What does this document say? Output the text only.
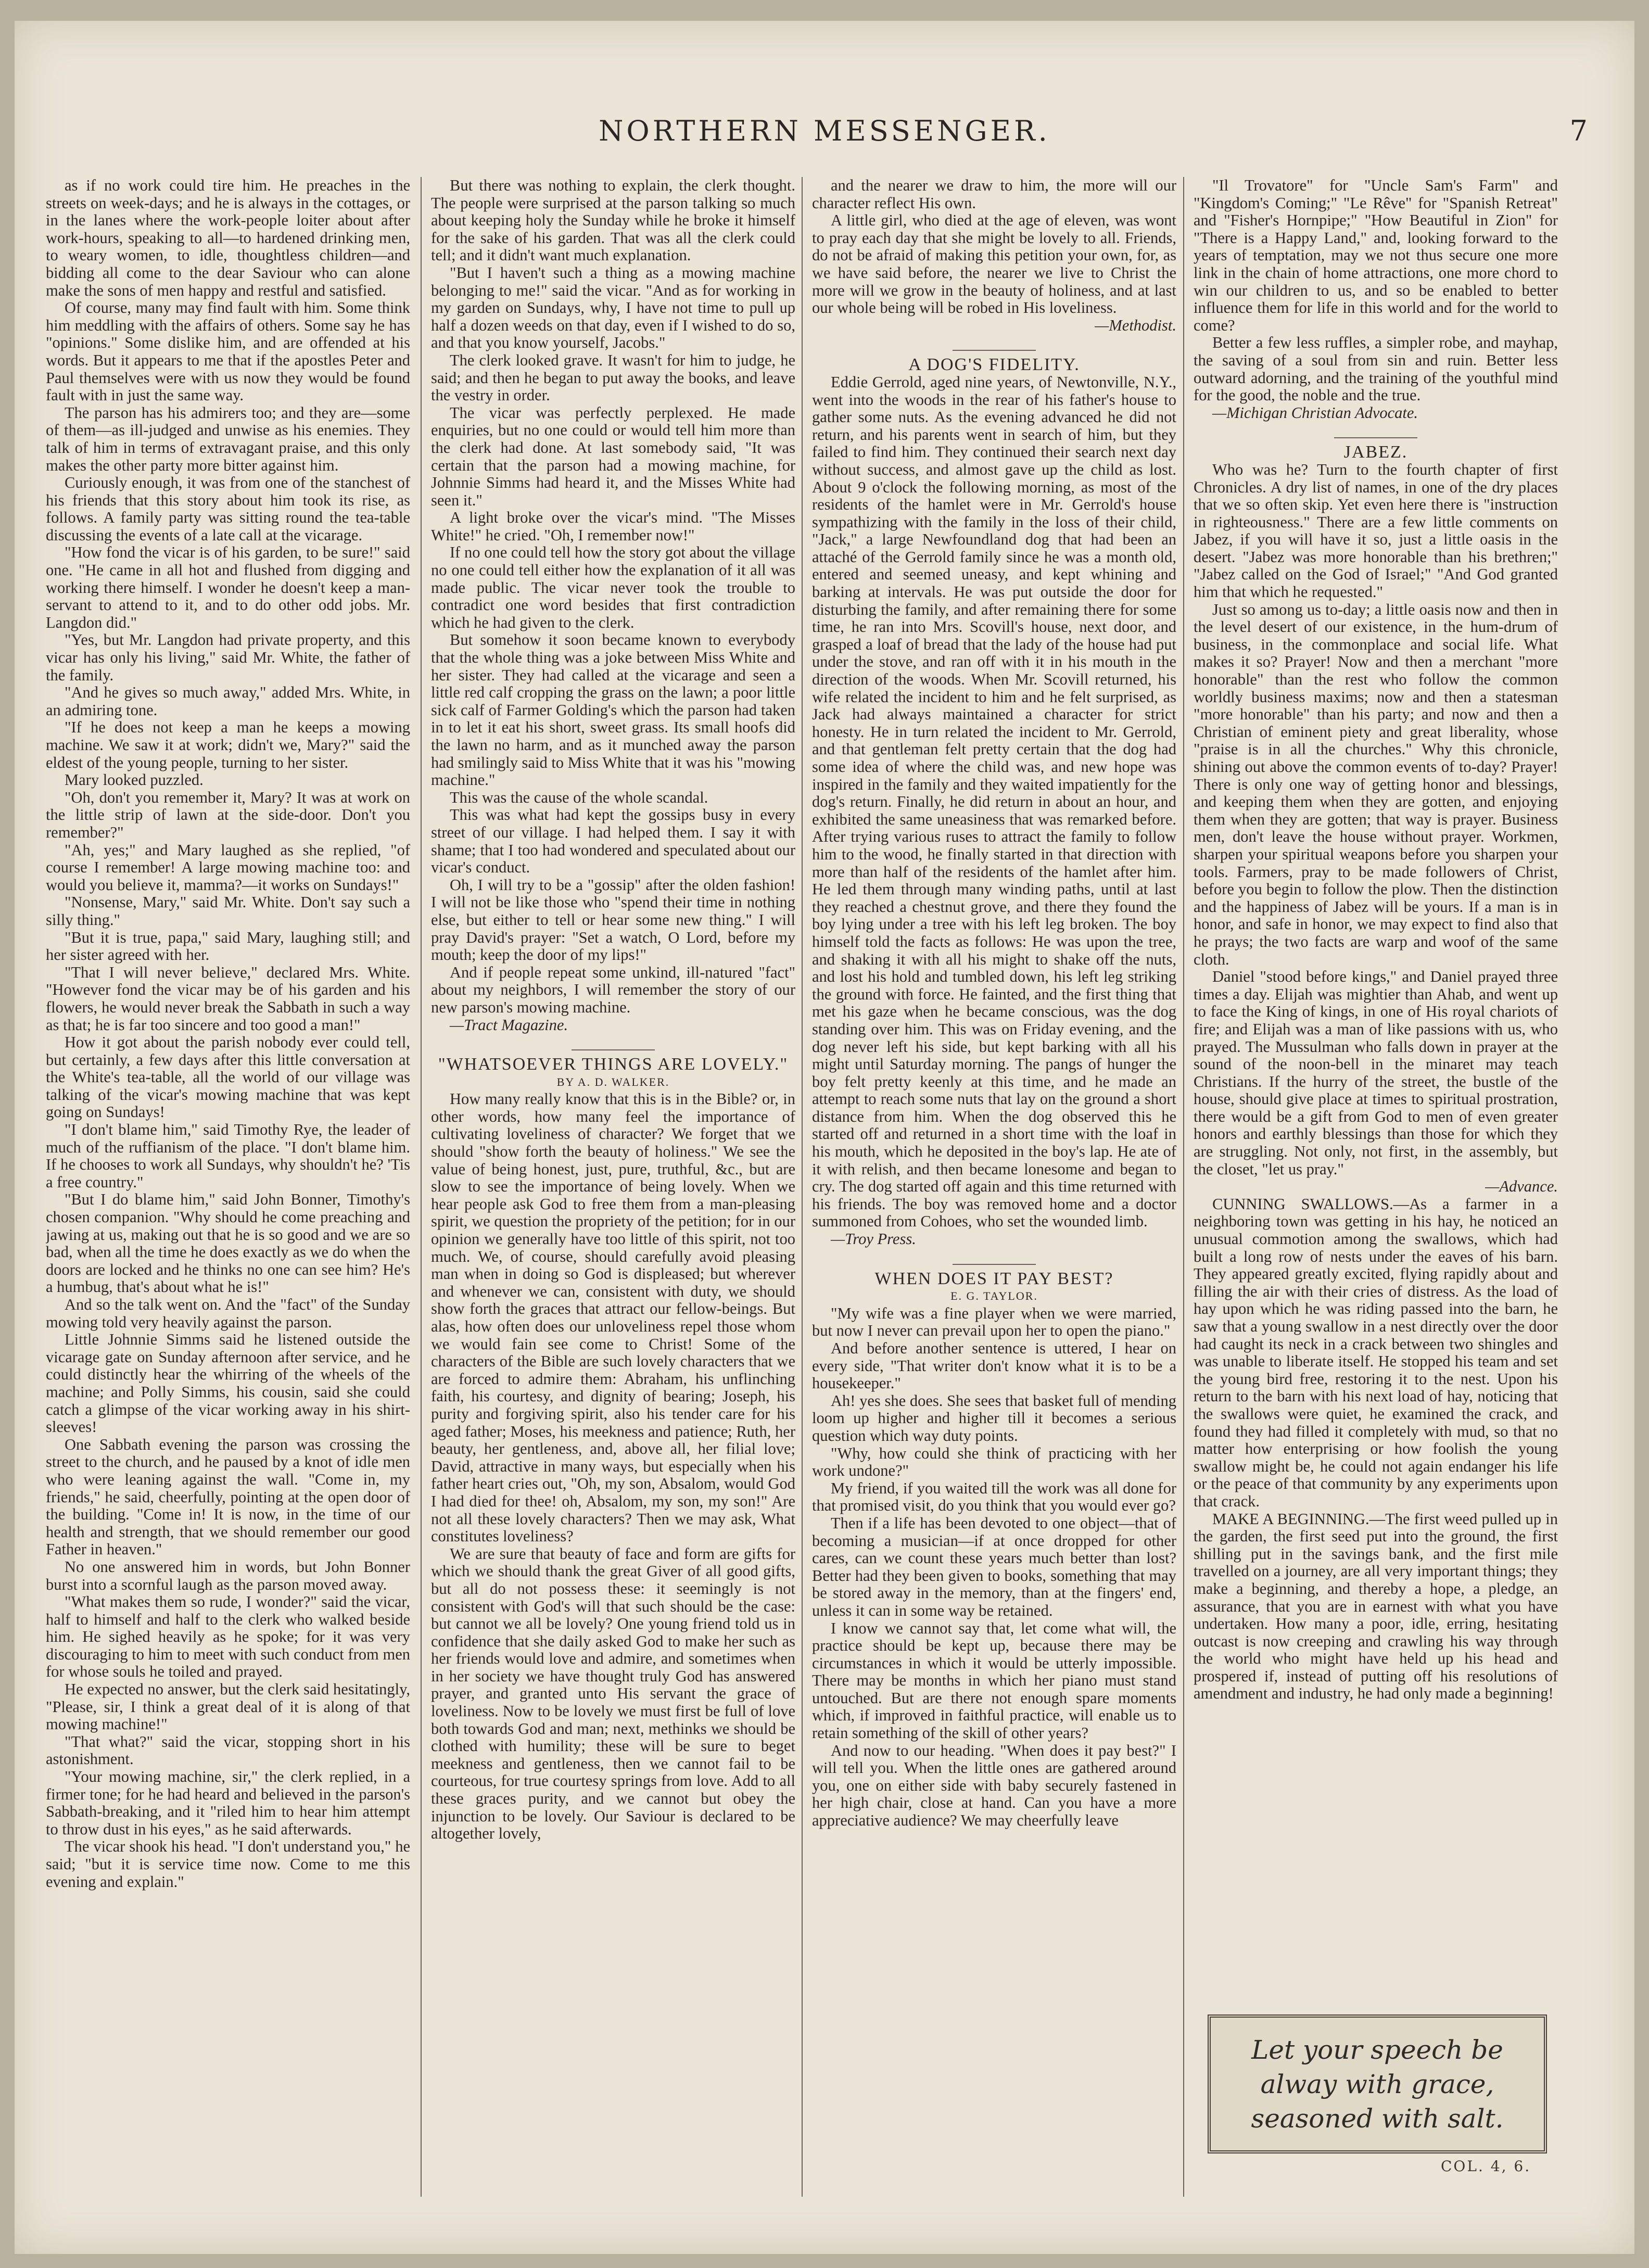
NORTHERN MESSENGER.	7

as if no work could tire him. He preaches in the streets on week-days; and he is always in the cottages, or in the lanes where the work-people loiter about after work-hours, speaking to all—to hardened drinking men, to weary women, to idle, thoughtless children—and bidding all come to the dear Saviour who can alone make the sons of men happy and restful and satisfied.

Of course, many may find fault with him. Some think him meddling with the affairs of others. Some say he has "opinions." Some dislike him, and are offended at his words. But it appears to me that if the apostles Peter and Paul themselves were with us now they would be found fault with in just the same way.

The parson has his admirers too; and they are—some of them—as ill-judged and unwise as his enemies. They talk of him in terms of extravagant praise, and this only makes the other party more bitter against him.

Curiously enough, it was from one of the stanchest of his friends that this story about him took its rise, as follows. A family party was sitting round the tea-table discussing the events of a late call at the vicarage.

"How fond the vicar is of his garden, to be sure!" said one. "He came in all hot and flushed from digging and working there himself. I wonder he doesn't keep a man-servant to attend to it, and to do other odd jobs. Mr. Langdon did."

"Yes, but Mr. Langdon had private property, and this vicar has only his living," said Mr. White, the father of the family.

"And he gives so much away," added Mrs. White, in an admiring tone.

"If he does not keep a man he keeps a mowing machine. We saw it at work; didn't we, Mary?" said the eldest of the young people, turning to her sister.

Mary looked puzzled.

"Oh, don't you remember it, Mary? It was at work on the little strip of lawn at the side-door. Don't you remember?"

"Ah, yes;" and Mary laughed as she replied, "of course I remember! A large mowing machine too: and would you believe it, mamma?—it works on Sundays!"

"Nonsense, Mary," said Mr. White. Don't say such a silly thing."

"But it is true, papa," said Mary, laughing still; and her sister agreed with her.

"That I will never believe," declared Mrs. White. "However fond the vicar may be of his garden and his flowers, he would never break the Sabbath in such a way as that; he is far too sincere and too good a man!"

How it got about the parish nobody ever could tell, but certainly, a few days after this little conversation at the White's tea-table, all the world of our village was talking of the vicar's mowing machine that was kept going on Sundays!

"I don't blame him," said Timothy Rye, the leader of much of the ruffianism of the place. "I don't blame him. If he chooses to work all Sundays, why shouldn't he? 'Tis a free country."

"But I do blame him," said John Bonner, Timothy's chosen companion. "Why should he come preaching and jawing at us, making out that he is so good and we are so bad, when all the time he does exactly as we do when the doors are locked and he thinks no one can see him? He's a humbug, that's about what he is!"

And so the talk went on. And the "fact" of the Sunday mowing told very heavily against the parson.

Little Johnnie Simms said he listened outside the vicarage gate on Sunday afternoon after service, and he could distinctly hear the whirring of the wheels of the machine; and Polly Simms, his cousin, said she could catch a glimpse of the vicar working away in his shirt-sleeves!

One Sabbath evening the parson was crossing the street to the church, and he paused by a knot of idle men who were leaning against the wall. "Come in, my friends," he said, cheerfully, pointing at the open door of the building. "Come in! It is now, in the time of our health and strength, that we should remember our good Father in heaven."

No one answered him in words, but John Bonner burst into a scornful laugh as the parson moved away.

"What makes them so rude, I wonder?" said the vicar, half to himself and half to the clerk who walked beside him. He sighed heavily as he spoke; for it was very discouraging to him to meet with such conduct from men for whose souls he toiled and prayed.

He expected no answer, but the clerk said hesitatingly, "Please, sir, I think a great deal of it is along of that mowing machine!"

"That what?" said the vicar, stopping short in his astonishment.

"Your mowing machine, sir," the clerk replied, in a firmer tone; for he had heard and believed in the parson's Sabbath-breaking, and it "riled him to hear him attempt to throw dust in his eyes," as he said afterwards.

The vicar shook his head. "I don't understand you," he said; "but it is service time now. Come to me this evening and explain."

But there was nothing to explain, the clerk thought. The people were surprised at the parson talking so much about keeping holy the Sunday while he broke it himself for the sake of his garden. That was all the clerk could tell; and it didn't want much explanation.

"But I haven't such a thing as a mowing machine belonging to me!" said the vicar. "And as for working in my garden on Sundays, why, I have not time to pull up half a dozen weeds on that day, even if I wished to do so, and that you know yourself, Jacobs."

The clerk looked grave. It wasn't for him to judge, he said; and then he began to put away the books, and leave the vestry in order.

The vicar was perfectly perplexed. He made enquiries, but no one could or would tell him more than the clerk had done. At last somebody said, "It was certain that the parson had a mowing machine, for Johnnie Simms had heard it, and the Misses White had seen it."

A light broke over the vicar's mind. "The Misses White!" he cried. "Oh, I remember now!"

If no one could tell how the story got about the village no one could tell either how the explanation of it all was made public. The vicar never took the trouble to contradict one word besides that first contradiction which he had given to the clerk.

But somehow it soon became known to everybody that the whole thing was a joke between Miss White and her sister. They had called at the vicarage and seen a little red calf cropping the grass on the lawn; a poor little sick calf of Farmer Golding's which the parson had taken in to let it eat his short, sweet grass. Its small hoofs did the lawn no harm, and as it munched away the parson had smilingly said to Miss White that it was his "mowing machine."

This was the cause of the whole scandal.

This was what had kept the gossips busy in every street of our village. I had helped them. I say it with shame; that I too had wondered and speculated about our vicar's conduct.

Oh, I will try to be a "gossip" after the olden fashion! I will not be like those who "spend their time in nothing else, but either to tell or hear some new thing." I will pray David's prayer: "Set a watch, O Lord, before my mouth; keep the door of my lips!"

And if people repeat some unkind, ill-natured "fact" about my neighbors, I will remember the story of our new parson's mowing machine.

—Tract Magazine.

"WHATSOEVER THINGS ARE LOVELY."

BY A. D. WALKER.

How many really know that this is in the Bible? or, in other words, how many feel the importance of cultivating loveliness of character? We forget that we should "show forth the beauty of holiness." We see the value of being honest, just, pure, truthful, &c., but are slow to see the importance of being lovely. When we hear people ask God to free them from a man-pleasing spirit, we question the propriety of the petition; for in our opinion we generally have too little of this spirit, not too much. We, of course, should carefully avoid pleasing man when in doing so God is displeased; but wherever and whenever we can, consistent with duty, we should show forth the graces that attract our fellow-beings. But alas, how often does our unloveliness repel those whom we would fain see come to Christ! Some of the characters of the Bible are such lovely characters that we are forced to admire them: Abraham, his unflinching faith, his courtesy, and dignity of bearing; Joseph, his purity and forgiving spirit, also his tender care for his aged father; Moses, his meekness and patience; Ruth, her beauty, her gentleness, and, above all, her filial love; David, attractive in many ways, but especially when his father heart cries out, "Oh, my son, Absalom, would God I had died for thee! oh, Absalom, my son, my son!" Are not all these lovely characters? Then we may ask, What constitutes loveliness?

We are sure that beauty of face and form are gifts for which we should thank the great Giver of all good gifts, but all do not possess these: it seemingly is not consistent with God's will that such should be the case: but cannot we all be lovely? One young friend told us in confidence that she daily asked God to make her such as her friends would love and admire, and sometimes when in her society we have thought truly God has answered prayer, and granted unto His servant the grace of loveliness. Now to be lovely we must first be full of love both towards God and man; next, methinks we should be clothed with humility; these will be sure to beget meekness and gentleness, then we cannot fail to be courteous, for true courtesy springs from love. Add to all these graces purity, and we cannot but obey the injunction to be lovely. Our Saviour is declared to be altogether lovely,

and the nearer we draw to him, the more will our character reflect His own.

A little girl, who died at the age of eleven, was wont to pray each day that she might be lovely to all. Friends, do not be afraid of making this petition your own, for, as we have said before, the nearer we live to Christ the more will we grow in the beauty of holiness, and at last our whole being will be robed in His loveliness.

—Methodist.

A DOG'S FIDELITY.

Eddie Gerrold, aged nine years, of Newtonville, N.Y., went into the woods in the rear of his father's house to gather some nuts. As the evening advanced he did not return, and his parents went in search of him, but they failed to find him. They continued their search next day without success, and almost gave up the child as lost. About 9 o'clock the following morning, as most of the residents of the hamlet were in Mr. Gerrold's house sympathizing with the family in the loss of their child, "Jack," a large Newfoundland dog that had been an attaché of the Gerrold family since he was a month old, entered and seemed uneasy, and kept whining and barking at intervals. He was put outside the door for disturbing the family, and after remaining there for some time, he ran into Mrs. Scovill's house, next door, and grasped a loaf of bread that the lady of the house had put under the stove, and ran off with it in his mouth in the direction of the woods. When Mr. Scovill returned, his wife related the incident to him and he felt surprised, as Jack had always maintained a character for strict honesty. He in turn related the incident to Mr. Gerrold, and that gentleman felt pretty certain that the dog had some idea of where the child was, and new hope was inspired in the family and they waited impatiently for the dog's return. Finally, he did return in about an hour, and exhibited the same uneasiness that was remarked before. After trying various ruses to attract the family to follow him to the wood, he finally started in that direction with more than half of the residents of the hamlet after him. He led them through many winding paths, until at last they reached a chestnut grove, and there they found the boy lying under a tree with his left leg broken. The boy himself told the facts as follows: He was upon the tree, and shaking it with all his might to shake off the nuts, and lost his hold and tumbled down, his left leg striking the ground with force. He fainted, and the first thing that met his gaze when he became conscious, was the dog standing over him. This was on Friday evening, and the dog never left his side, but kept barking with all his might until Saturday morning. The pangs of hunger the boy felt pretty keenly at this time, and he made an attempt to reach some nuts that lay on the ground a short distance from him. When the dog observed this he started off and returned in a short time with the loaf in his mouth, which he deposited in the boy's lap. He ate of it with relish, and then became lonesome and began to cry. The dog started off again and this time returned with his friends. The boy was removed home and a doctor summoned from Cohoes, who set the wounded limb.

—Troy Press.

WHEN DOES IT PAY BEST?

E. G. TAYLOR.

"My wife was a fine player when we were married, but now I never can prevail upon her to open the piano."

And before another sentence is uttered, I hear on every side, "That writer don't know what it is to be a housekeeper."

Ah! yes she does. She sees that basket full of mending loom up higher and higher till it becomes a serious question which way duty points.

"Why, how could she think of practicing with her work undone?"

My friend, if you waited till the work was all done for that promised visit, do you think that you would ever go?

Then if a life has been devoted to one object—that of becoming a musician—if at once dropped for other cares, can we count these years much better than lost? Better had they been given to books, something that may be stored away in the memory, than at the fingers' end, unless it can in some way be retained.

I know we cannot say that, let come what will, the practice should be kept up, because there may be circumstances in which it would be utterly impossible. There may be months in which her piano must stand untouched. But are there not enough spare moments which, if improved in faithful practice, will enable us to retain something of the skill of other years?

And now to our heading. "When does it pay best?" I will tell you. When the little ones are gathered around you, one on either side with baby securely fastened in her high chair, close at hand. Can you have a more appreciative audience? We may cheerfully leave

"Il Trovatore" for "Uncle Sam's Farm" and "Kingdom's Coming;" "Le Rêve" for "Spanish Retreat" and "Fisher's Hornpipe;" "How Beautiful in Zion" for "There is a Happy Land," and, looking forward to the years of temptation, may we not thus secure one more link in the chain of home attractions, one more chord to win our children to us, and so be enabled to better influence them for life in this world and for the world to come?

Better a few less ruffles, a simpler robe, and mayhap, the saving of a soul from sin and ruin. Better less outward adorning, and the training of the youthful mind for the good, the noble and the true.

—Michigan Christian Advocate.

JABEZ.

Who was he? Turn to the fourth chapter of first Chronicles. A dry list of names, in one of the dry places that we so often skip. Yet even here there is "instruction in righteousness." There are a few little comments on Jabez, if you will have it so, just a little oasis in the desert. "Jabez was more honorable than his brethren;" "Jabez called on the God of Israel;" "And God granted him that which he requested."

Just so among us to-day; a little oasis now and then in the level desert of our existence, in the hum-drum of business, in the commonplace and social life. What makes it so? Prayer! Now and then a merchant "more honorable" than the rest who follow the common worldly business maxims; now and then a statesman "more honorable" than his party; and now and then a Christian of eminent piety and great liberality, whose "praise is in all the churches." Why this chronicle, shining out above the common events of to-day? Prayer! There is only one way of getting honor and blessings, and keeping them when they are gotten, and enjoying them when they are gotten; that way is prayer. Business men, don't leave the house without prayer. Workmen, sharpen your spiritual weapons before you sharpen your tools. Farmers, pray to be made followers of Christ, before you begin to follow the plow. Then the distinction and the happiness of Jabez will be yours. If a man is in honor, and safe in honor, we may expect to find also that he prays; the two facts are warp and woof of the same cloth.

Daniel "stood before kings," and Daniel prayed three times a day. Elijah was mightier than Ahab, and went up to face the King of kings, in one of His royal chariots of fire; and Elijah was a man of like passions with us, who prayed. The Mussulman who falls down in prayer at the sound of the noon-bell in the minaret may teach Christians. If the hurry of the street, the bustle of the house, should give place at times to spiritual prostration, there would be a gift from God to men of even greater honors and earthly blessings than those for which they are struggling. Not only, not first, in the assembly, but the closet, "let us pray."

—Advance.

CUNNING SWALLOWS.—As a farmer in a neighboring town was getting in his hay, he noticed an unusual commotion among the swallows, which had built a long row of nests under the eaves of his barn. They appeared greatly excited, flying rapidly about and filling the air with their cries of distress. As the load of hay upon which he was riding passed into the barn, he saw that a young swallow in a nest directly over the door had caught its neck in a crack between two shingles and was unable to liberate itself. He stopped his team and set the young bird free, restoring it to the nest. Upon his return to the barn with his next load of hay, noticing that the swallows were quiet, he examined the crack, and found they had filled it completely with mud, so that no matter how enterprising or how foolish the young swallow might be, he could not again endanger his life or the peace of that community by any experiments upon that crack.

MAKE A BEGINNING.—The first weed pulled up in the garden, the first seed put into the ground, the first shilling put in the savings bank, and the first mile travelled on a journey, are all very important things; they make a beginning, and thereby a hope, a pledge, an assurance, that you are in earnest with what you have undertaken. How many a poor, idle, erring, hesitating outcast is now creeping and crawling his way through the world who might have held up his head and prospered if, instead of putting off his resolutions of amendment and industry, he had only made a beginning!

Let your speech be
alway with grace,
seasoned with salt.
COL. 4, 6.
